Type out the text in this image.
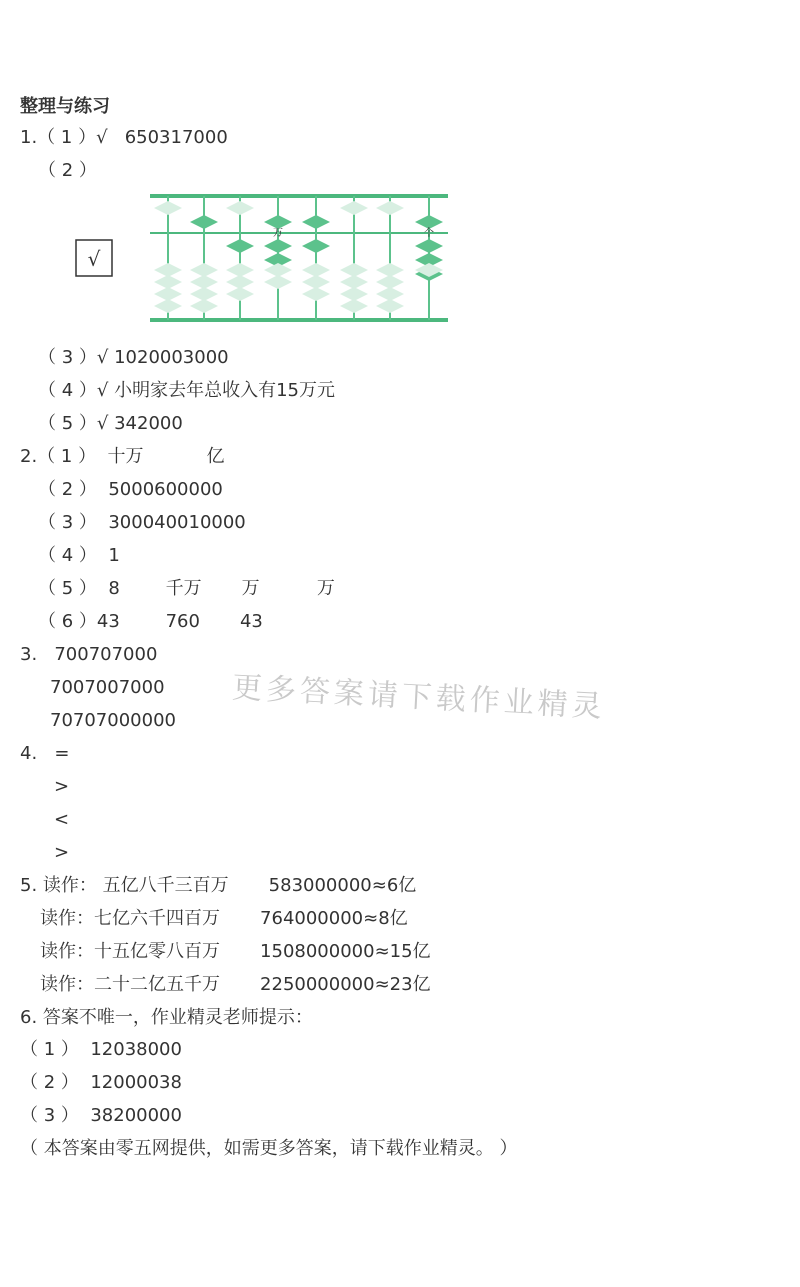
整理与练习
1.（ 1 ）√   650317000
（ 2 ）
√
万	个
（ 3 ）√ 1020003000
（ 4 ）√ 小明家去年总收入有15万元
（ 5 ）√ 342000
2.（ 1 ）  十万           亿
（ 2 ）  5000600000
（ 3 ）  300040010000
（ 4 ）  1
（ 5 ）  8        千万       万          万
（ 6 ）43        760       43
3.   700707000
7007007000
70707000000 更多答案请下载作业精灵
4.   =
>
<
>
5. 读作： 五亿八千三百万       583000000≈6亿
读作：七亿六千四百万       764000000≈8亿
读作：十五亿零八百万       1508000000≈15亿
读作：二十二亿五千万       2250000000≈23亿
6. 答案不唯一，作业精灵老师提示：
（ 1 ）  12038000
（ 2 ）  12000038
（ 3 ）  38200000
（ 本答案由零五网提供，如需更多答案，请下载作业精灵。 ）
